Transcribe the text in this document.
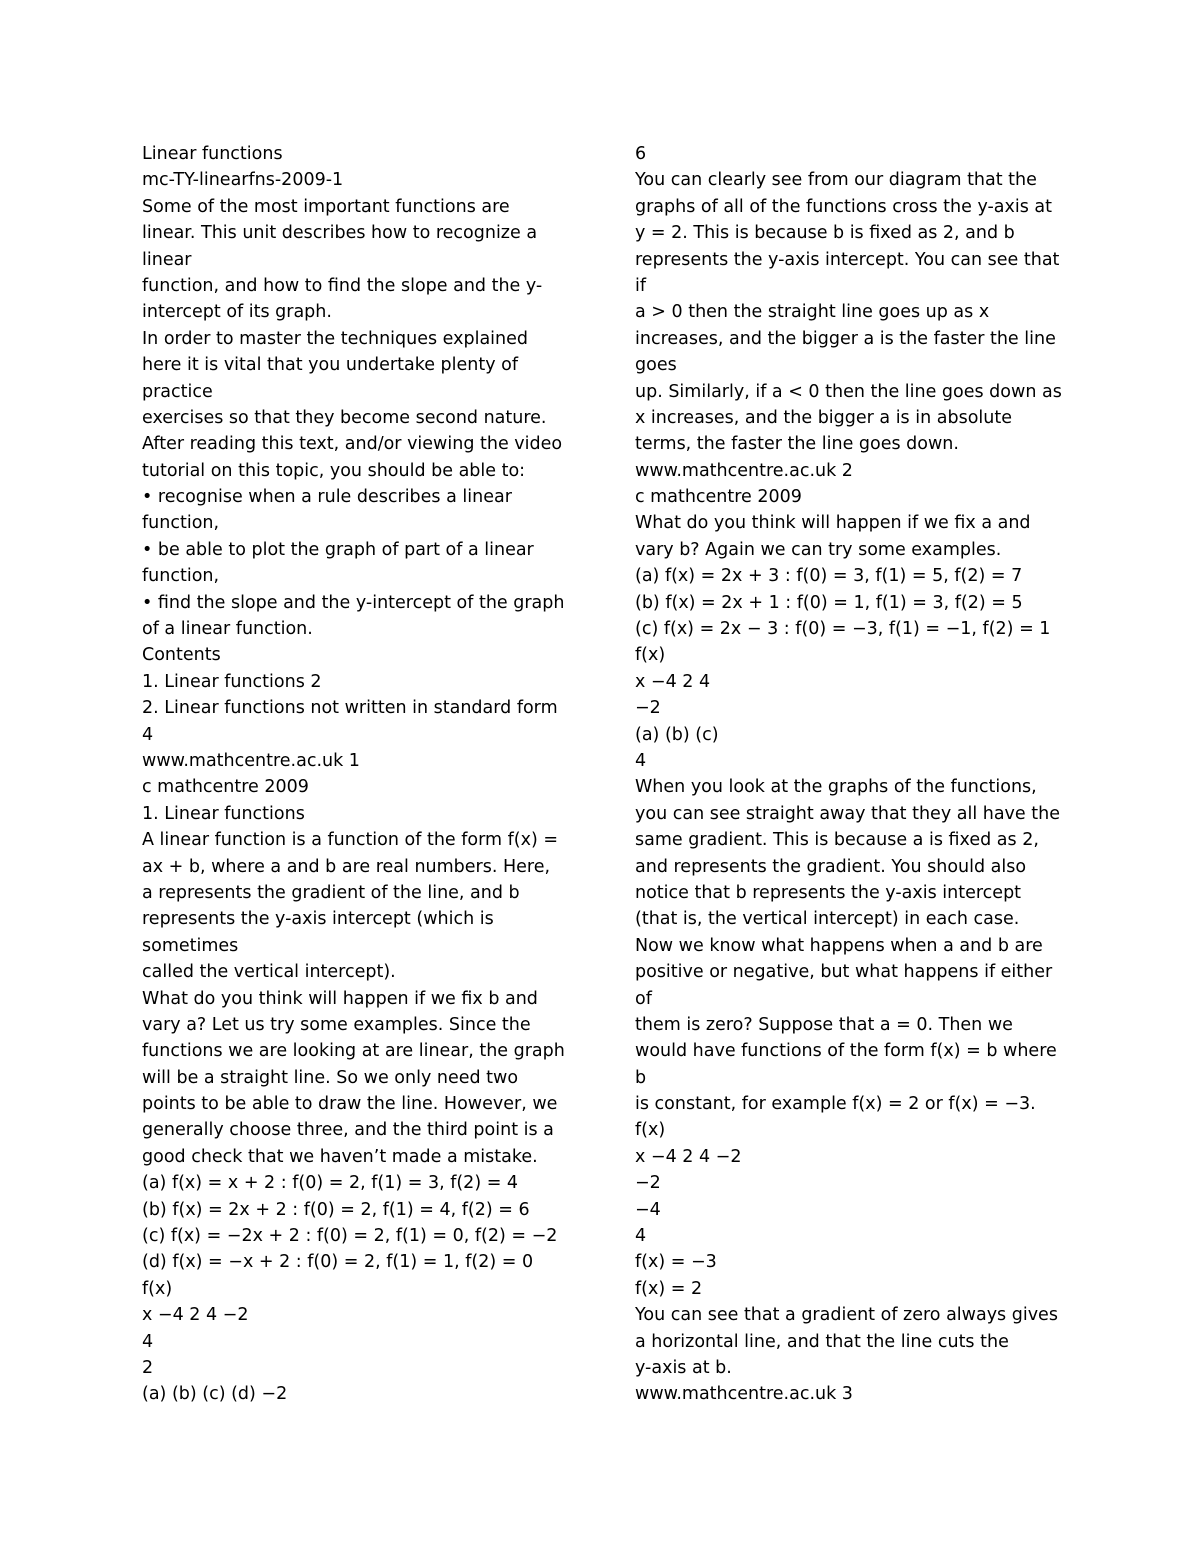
Linear functions
mc-TY-linearfns-2009-1
Some of the most important functions are
linear. This unit describes how to recognize a
linear
function, and how to find the slope and the y-
intercept of its graph.
In order to master the techniques explained
here it is vital that you undertake plenty of
practice
exercises so that they become second nature.
After reading this text, and/or viewing the video
tutorial on this topic, you should be able to:
• recognise when a rule describes a linear
function,
• be able to plot the graph of part of a linear
function,
• find the slope and the y-intercept of the graph
of a linear function.
Contents
1. Linear functions 2
2. Linear functions not written in standard form
4
www.mathcentre.ac.uk 1
c mathcentre 2009
1. Linear functions
A linear function is a function of the form f(x) =
ax + b, where a and b are real numbers. Here,
a represents the gradient of the line, and b
represents the y-axis intercept (which is
sometimes
called the vertical intercept).
What do you think will happen if we fix b and
vary a? Let us try some examples. Since the
functions we are looking at are linear, the graph
will be a straight line. So we only need two
points to be able to draw the line. However, we
generally choose three, and the third point is a
good check that we haven’t made a mistake.
(a) f(x) = x + 2 : f(0) = 2, f(1) = 3, f(2) = 4
(b) f(x) = 2x + 2 : f(0) = 2, f(1) = 4, f(2) = 6
(c) f(x) = −2x + 2 : f(0) = 2, f(1) = 0, f(2) = −2
(d) f(x) = −x + 2 : f(0) = 2, f(1) = 1, f(2) = 0
f(x)
x −4 2 4 −2
4
2
(a) (b) (c) (d) −2
6
You can clearly see from our diagram that the
graphs of all of the functions cross the y-axis at
y = 2. This is because b is fixed as 2, and b
represents the y-axis intercept. You can see that
if
a > 0 then the straight line goes up as x
increases, and the bigger a is the faster the line
goes
up. Similarly, if a < 0 then the line goes down as
x increases, and the bigger a is in absolute
terms, the faster the line goes down.
www.mathcentre.ac.uk 2
c mathcentre 2009
What do you think will happen if we fix a and
vary b? Again we can try some examples.
(a) f(x) = 2x + 3 : f(0) = 3, f(1) = 5, f(2) = 7
(b) f(x) = 2x + 1 : f(0) = 1, f(1) = 3, f(2) = 5
(c) f(x) = 2x − 3 : f(0) = −3, f(1) = −1, f(2) = 1
f(x)
x −4 2 4
−2
(a) (b) (c)
4
When you look at the graphs of the functions,
you can see straight away that they all have the
same gradient. This is because a is fixed as 2,
and represents the gradient. You should also
notice that b represents the y-axis intercept
(that is, the vertical intercept) in each case.
Now we know what happens when a and b are
positive or negative, but what happens if either
of
them is zero? Suppose that a = 0. Then we
would have functions of the form f(x) = b where
b
is constant, for example f(x) = 2 or f(x) = −3.
f(x)
x −4 2 4 −2
−2
−4
4
f(x) = −3
f(x) = 2
You can see that a gradient of zero always gives
a horizontal line, and that the line cuts the
y-axis at b.
www.mathcentre.ac.uk 3
